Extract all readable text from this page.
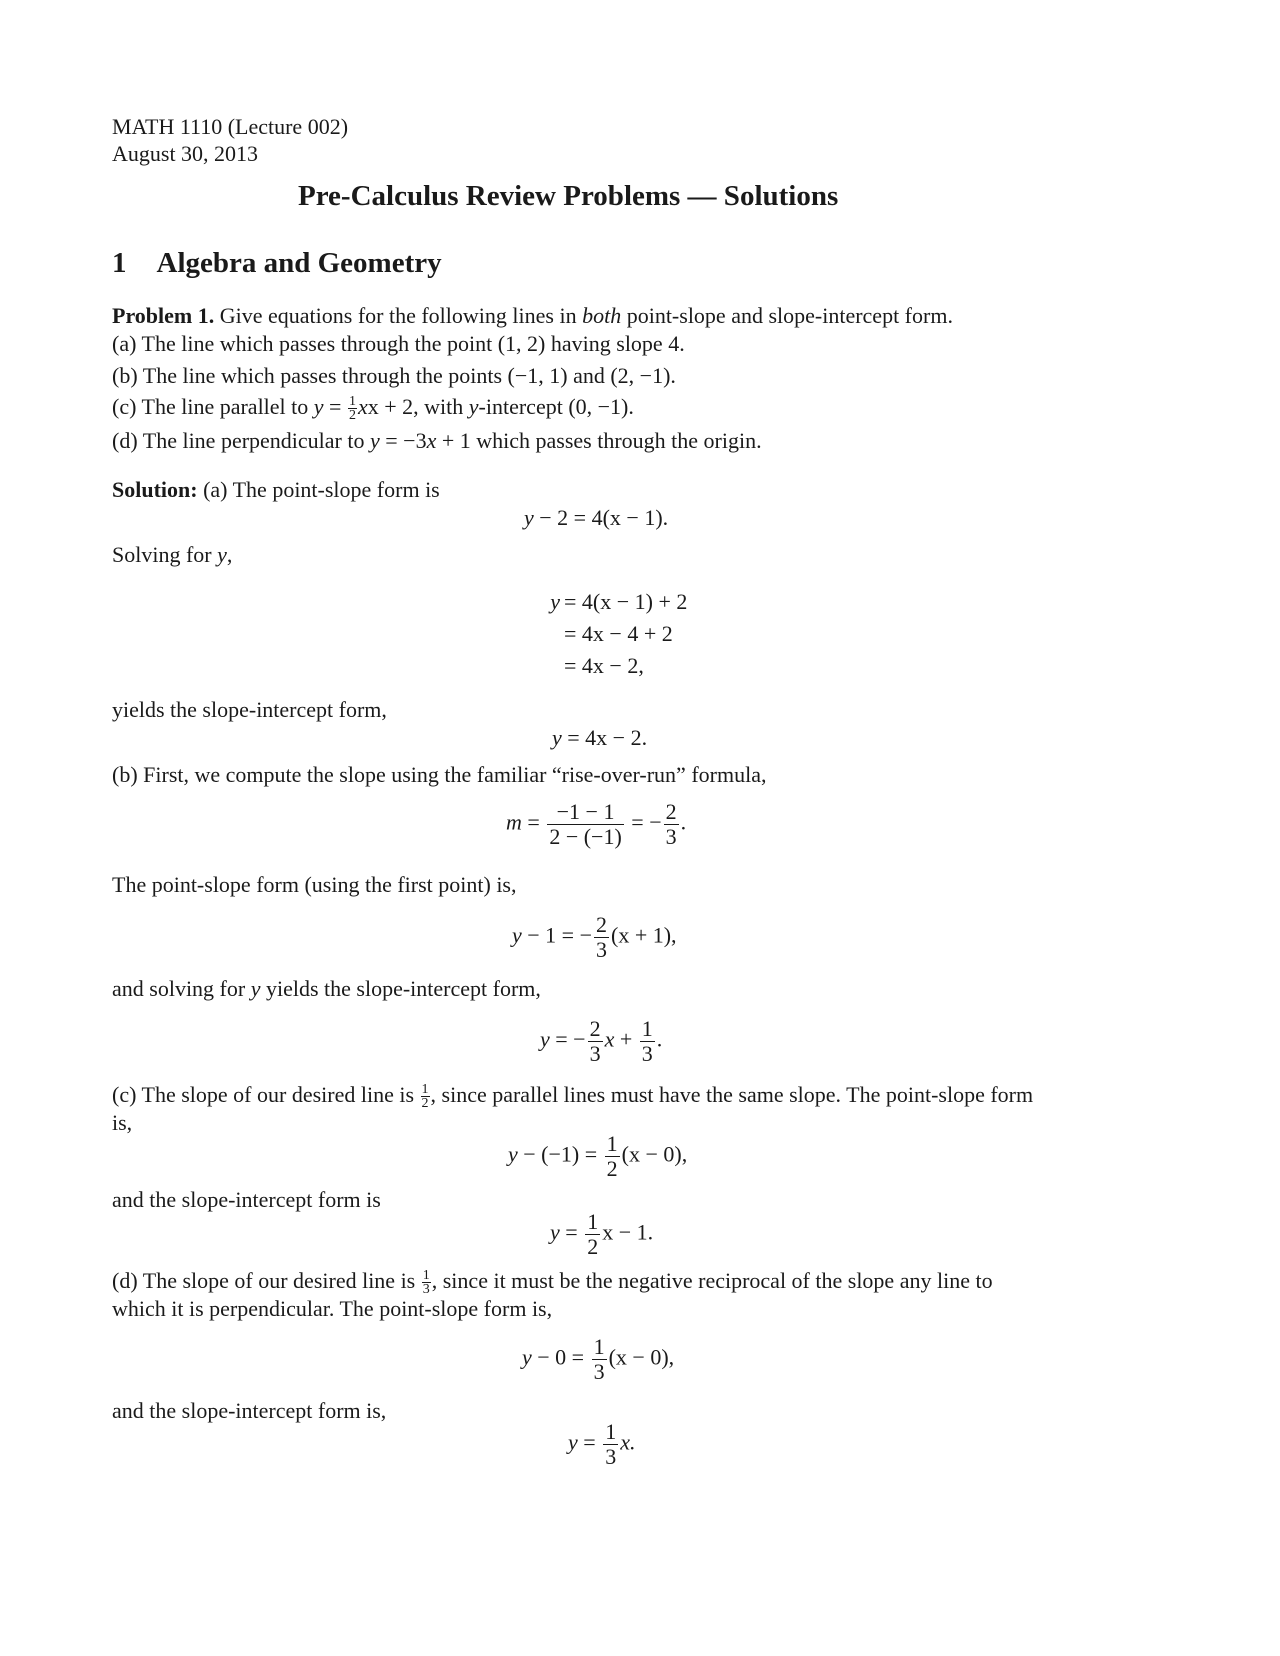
MATH 1110 (Lecture 002)
August 30, 2013
Pre-Calculus Review Problems — Solutions
1 Algebra and Geometry
Problem 1. Give equations for the following lines in both point-slope and slope-intercept form.
(a) The line which passes through the point (1, 2) having slope 4.
(b) The line which passes through the points (−1, 1) and (2, −1).
(c) The line parallel to $y = \frac{1}{2}$ xx + 2, with y-intercept (0, −1).
(d) The line perpendicular to y = −3x + 1 which passes through the origin.
Solution: (a) The point-slope form is
y − 2 = 4(x − 1).
Solving for y,
y = 4(x − 1) + 2
= 4x − 4 + 2
= 4x − 2,
yields the slope-intercept form,
y = 4x − 2.
(b) First, we compute the slope using the familiar “rise-over-run” formula,
$m = \frac{-1 - 1}{2 - (-1)}$ = − $\frac{2}{3}$ .
The point-slope form (using the first point) is,
y − 1 = − $\frac{2}{3} (x + 1)$,
and solving for y yields the slope-intercept form,
y = − $\frac{2}{3}$ $x + \frac{1}{3}$ .
(c) The slope of our desired line is $\frac{1}{2}$ , since parallel lines must have the same slope. The point-slope form
is,
$y - (-1) = \frac{1}{2} (x - 0)$,
and the slope-intercept form is
$y = \frac{1}{2}$ x − 1.
(d) The slope of our desired line is $\frac{1}{3}$ , since it must be the negative reciprocal of the slope any line to
which it is perpendicular. The point-slope form is,
$y - 0 = \frac{1}{3} (x - 0)$,
and the slope-intercept form is,
$y = \frac{1}{3} x$.
